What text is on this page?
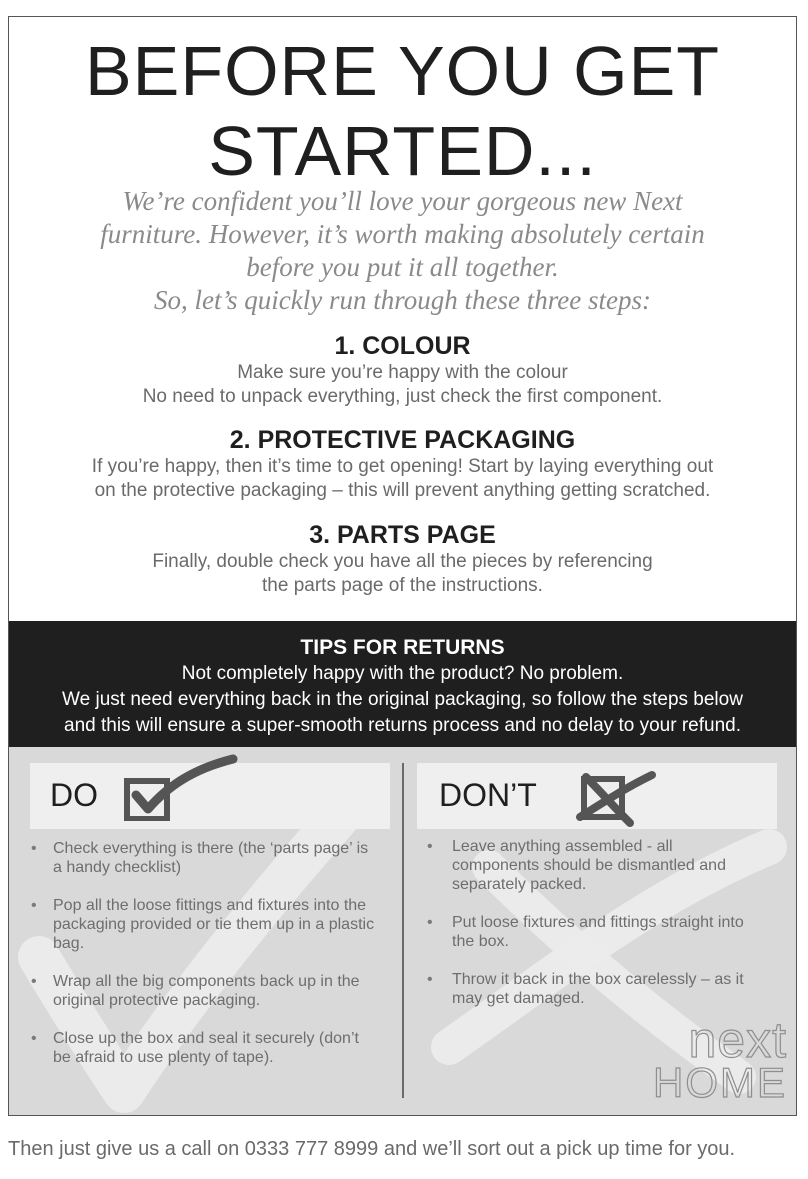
BEFORE YOU GET
STARTED...
We’re confident you’ll love your gorgeous new Next
furniture. However, it’s worth making absolutely certain
before you put it all together.
So, let’s quickly run through these three steps:
1. COLOUR

Make sure you’re happy with the colour

No need to unpack everything, just check the first component.

2. PROTECTIVE PACKAGING

If you’re happy, then it’s time to get opening! Start by laying everything out

on the protective packaging – this will prevent anything getting scratched.

3. PARTS PAGE

Finally, double check you have all the pieces by referencing

the parts page of the instructions.

TIPS FOR RETURNS

Not completely happy with the product? No problem.

We just need everything back in the original packaging, so follow the steps below

and this will ensure a super-smooth returns process and no delay to your refund.

DO	DON’T
• Check everything is there (the ‘parts page’ is a handy checklist)
• Pop all the loose fittings and fixtures into the packaging provided or tie them up in a plastic bag.
• Wrap all the big components back up in the original protective packaging.
• Close up the box and seal it securely (don’t be afraid to use plenty of tape).
• Leave anything assembled - all components should be dismantled and separately packed.
• Put loose fixtures and fittings straight into the box.
• Throw it back in the box carelessly – as it may get damaged.
next
HOME
Then just give us a call on 0333 777 8999 and we’ll sort out a pick up time for you.
